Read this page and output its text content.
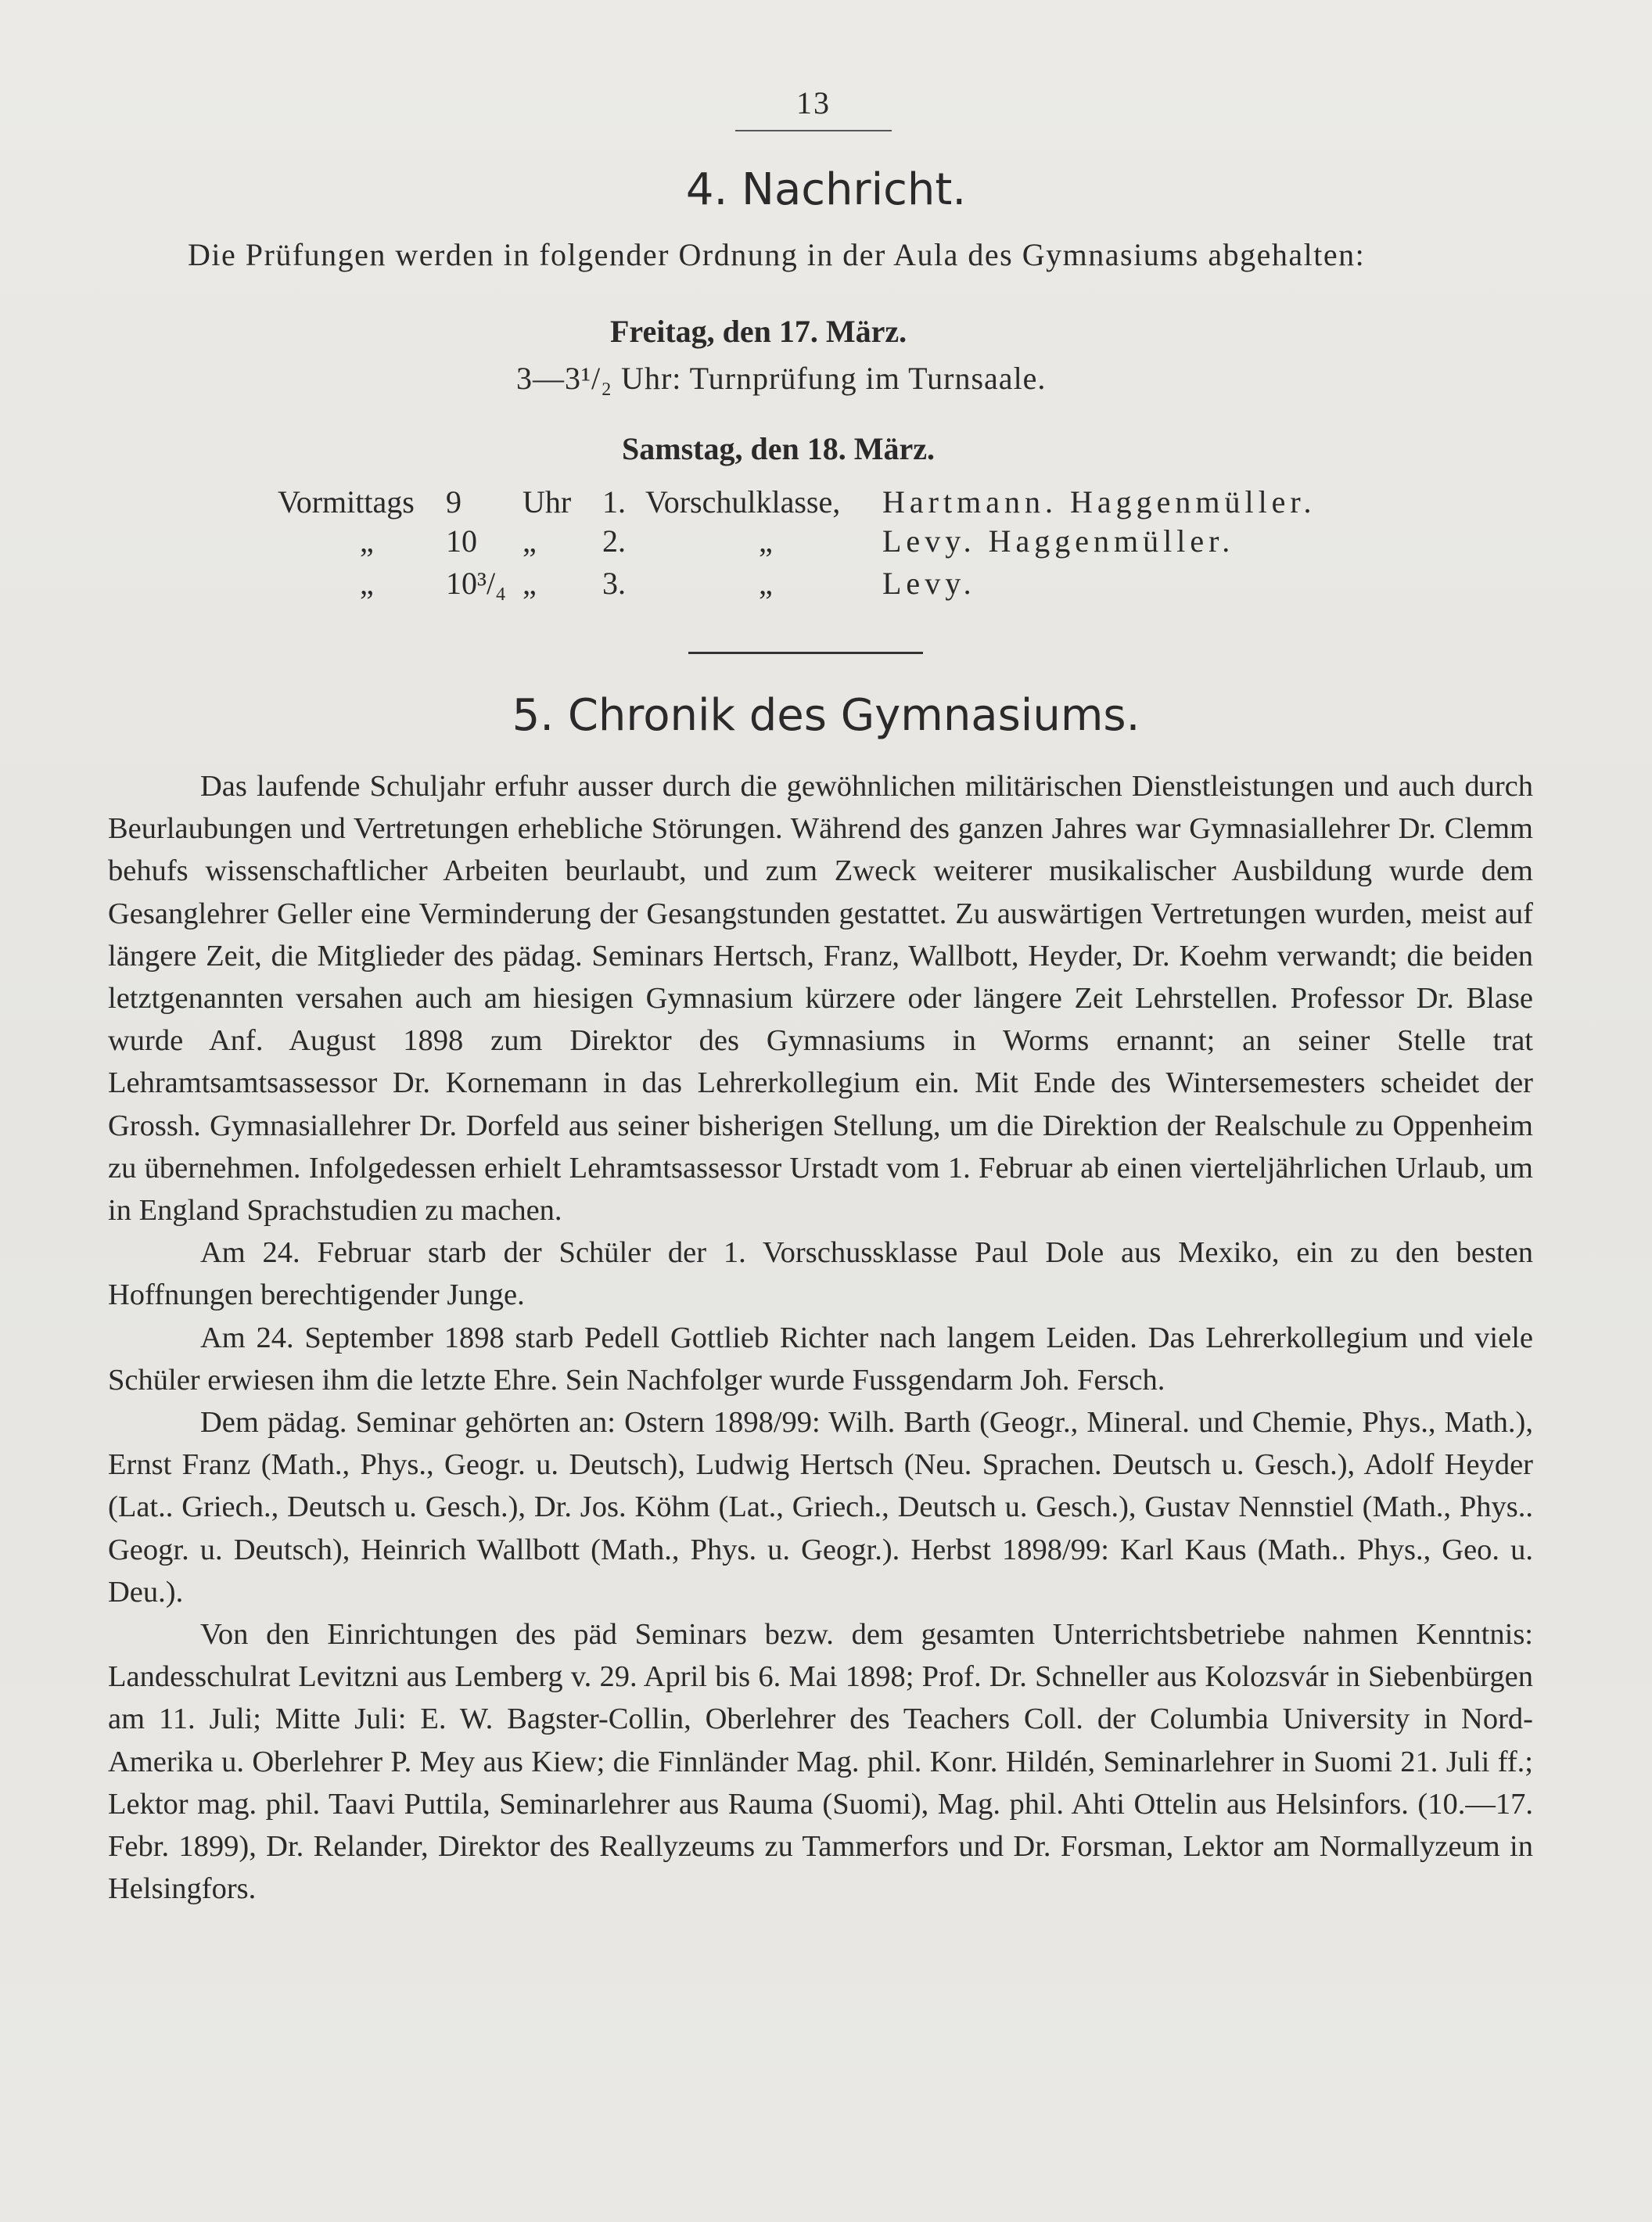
13
4. Nachricht.
Die Prüfungen werden in folgender Ordnung in der Aula des Gymnasiums abgehalten:
Freitag, den 17. März.
3—3¹/₂ Uhr: Turnprüfung im Turnsaale.
Samstag, den 18. März.
Vormittags 9 Uhr 1. Vorschulklasse, Hartmann. Haggenmüller.
„ 10 „ 2.	„	Levy. Haggenmüller.
„ 10³/₄ „ 3.	„	Levy.
5. Chronik des Gymnasiums.

Das laufende Schuljahr erfuhr ausser durch die gewöhnlichen militärischen Dienstleistungen und auch durch Beurlaubungen und Vertretungen erhebliche Störungen. Während des ganzen Jahres war Gymnasiallehrer Dr. Clemm behufs wissenschaftlicher Arbeiten beurlaubt, und zum Zweck weiterer musikalischer Ausbildung wurde dem Gesanglehrer Geller eine Verminderung der Gesangstunden gestattet. Zu auswärtigen Vertretungen wurden, meist auf längere Zeit, die Mitglieder des pädag. Seminars Hertsch, Franz, Wallbott, Heyder, Dr. Koehm verwandt; die beiden letztgenannten versahen auch am hiesigen Gymnasium kürzere oder längere Zeit Lehrstellen. Professor Dr. Blase wurde Anf. August 1898 zum Direktor des Gymnasiums in Worms ernannt; an seiner Stelle trat Lehramtsamtsassessor Dr. Kornemann in das Lehrerkollegium ein. Mit Ende des Wintersemesters scheidet der Grossh. Gymnasiallehrer Dr. Dorfeld aus seiner bisherigen Stellung, um die Direktion der Realschule zu Oppenheim zu übernehmen. Infolgedessen erhielt Lehramtsassessor Urstadt vom 1. Februar ab einen vierteljährlichen Urlaub, um in England Sprachstudien zu machen.

Am 24. Februar starb der Schüler der 1. Vorschussklasse Paul Dole aus Mexiko, ein zu den besten Hoffnungen berechtigender Junge.

Am 24. September 1898 starb Pedell Gottlieb Richter nach langem Leiden. Das Lehrerkollegium und viele Schüler erwiesen ihm die letzte Ehre. Sein Nachfolger wurde Fussgendarm Joh. Fersch.

Dem pädag. Seminar gehörten an: Ostern 1898/99: Wilh. Barth (Geogr., Mineral. und Chemie, Phys., Math.), Ernst Franz (Math., Phys., Geogr. u. Deutsch), Ludwig Hertsch (Neu. Sprachen. Deutsch u. Gesch.), Adolf Heyder (Lat.. Griech., Deutsch u. Gesch.), Dr. Jos. Köhm (Lat., Griech., Deutsch u. Gesch.), Gustav Nennstiel (Math., Phys.. Geogr. u. Deutsch), Heinrich Wallbott (Math., Phys. u. Geogr.). Herbst 1898/99: Karl Kaus (Math.. Phys., Geo. u. Deu.).

Von den Einrichtungen des päd Seminars bezw. dem gesamten Unterrichtsbetriebe nahmen Kenntnis: Landesschulrat Levitzni aus Lemberg v. 29. April bis 6. Mai 1898; Prof. Dr. Schneller aus Kolozsvár in Siebenbürgen am 11. Juli; Mitte Juli: E. W. Bagster-Collin, Oberlehrer des Teachers Coll. der Columbia University in Nord-Amerika u. Oberlehrer P. Mey aus Kiew; die Finnländer Mag. phil. Konr. Hildén, Seminarlehrer in Suomi 21. Juli ff.; Lektor mag. phil. Taavi Puttila, Seminarlehrer aus Rauma (Suomi), Mag. phil. Ahti Ottelin aus Helsinfors. (10.—17. Febr. 1899), Dr. Relander, Direktor des Reallyzeums zu Tammerfors und Dr. Forsman, Lektor am Normallyzeum in Helsingfors.
